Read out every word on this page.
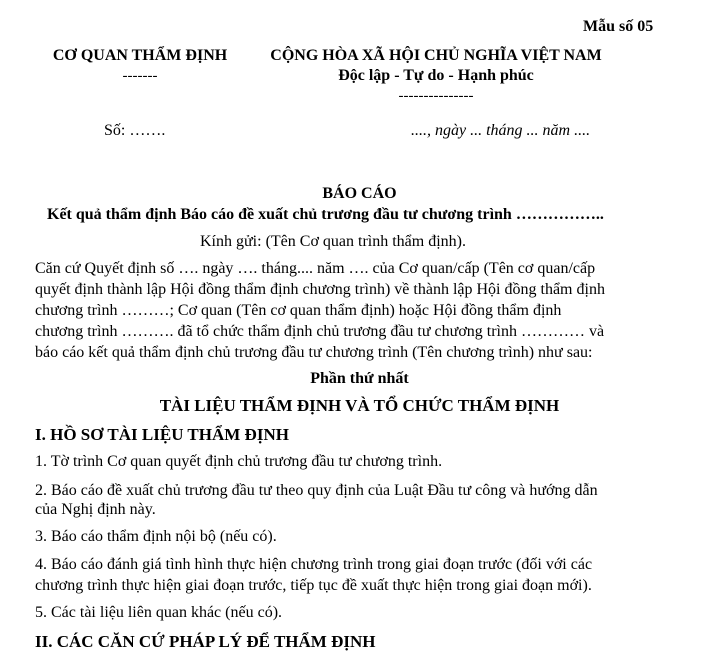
Mẫu số 05
CƠ QUAN THẨM ĐỊNH
-------
CỘNG HÒA XÃ HỘI CHỦ NGHĨA VIỆT NAM
Độc lập - Tự do - Hạnh phúc
---------------
Số: …….	...., ngày ... tháng ... năm ....
BÁO CÁO
Kết quả thẩm định Báo cáo đề xuất chủ trương đầu tư chương trình ……………..
Kính gửi: (Tên Cơ quan trình thẩm định).
Căn cứ Quyết định số …. ngày …. tháng.... năm …. của Cơ quan/cấp (Tên cơ quan/cấp
quyết định thành lập Hội đồng thẩm định chương trình) về thành lập Hội đồng thẩm định
chương trình ………; Cơ quan (Tên cơ quan thẩm định) hoặc Hội đồng thẩm định
chương trình ………. đã tổ chức thẩm định chủ trương đầu tư chương trình ………… và
báo cáo kết quả thẩm định chủ trương đầu tư chương trình (Tên chương trình) như sau:
Phần thứ nhất
TÀI LIỆU THẨM ĐỊNH VÀ TỔ CHỨC THẨM ĐỊNH
I. HỒ SƠ TÀI LIỆU THẨM ĐỊNH
1. Tờ trình Cơ quan quyết định chủ trương đầu tư chương trình.
2. Báo cáo đề xuất chủ trương đầu tư theo quy định của Luật Đầu tư công và hướng dẫn
của Nghị định này.
3. Báo cáo thẩm định nội bộ (nếu có).
4. Báo cáo đánh giá tình hình thực hiện chương trình trong giai đoạn trước (đối với các
chương trình thực hiện giai đoạn trước, tiếp tục đề xuất thực hiện trong giai đoạn mới).
5. Các tài liệu liên quan khác (nếu có).
II. CÁC CĂN CỨ PHÁP LÝ ĐỂ THẨM ĐỊNH
